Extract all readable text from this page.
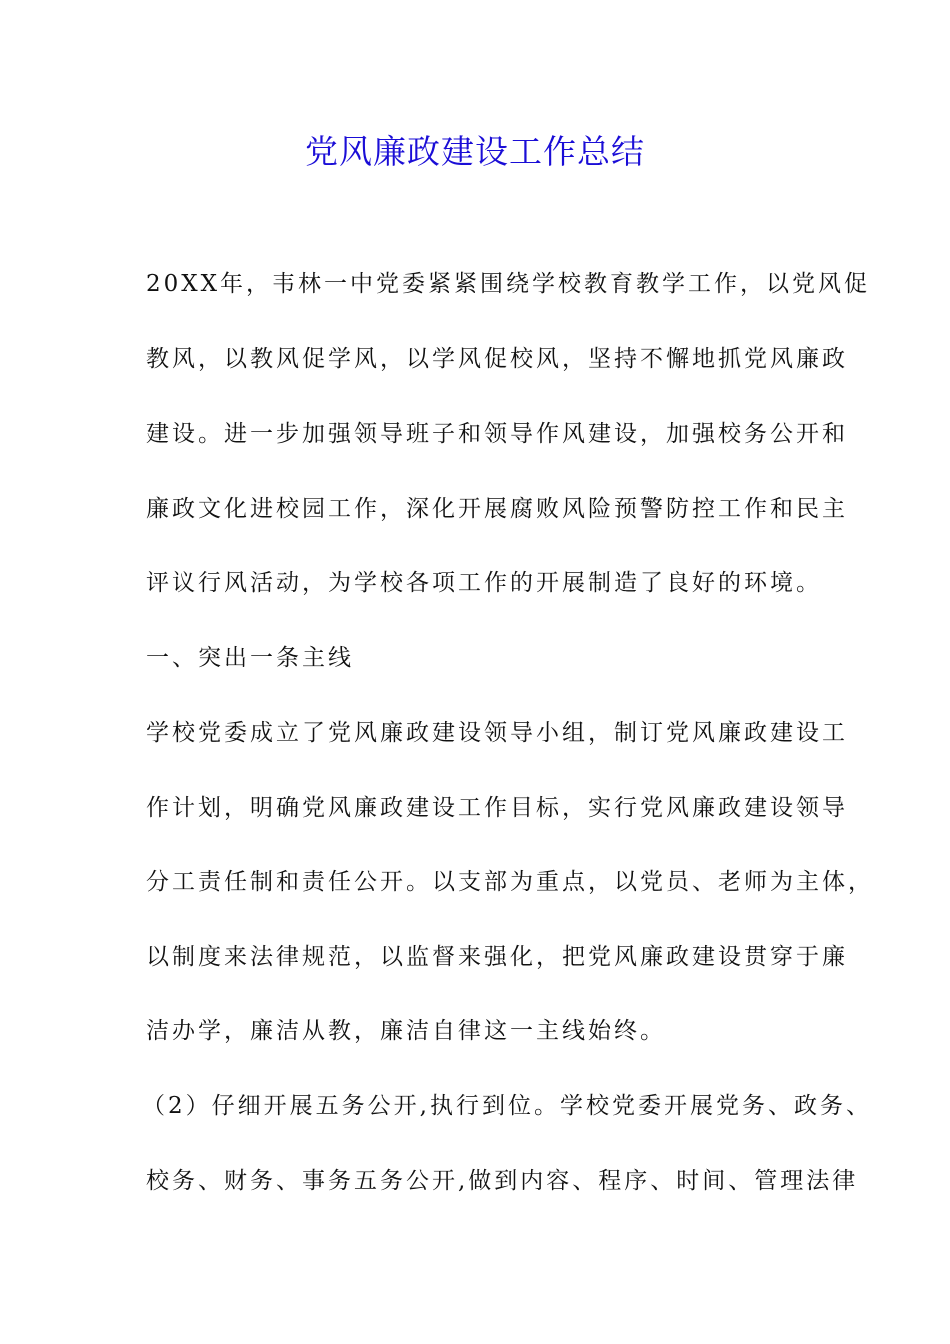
党风廉政建设工作总结

20XX年，韦林一中党委紧紧围绕学校教育教学工作，以党风促

教风，以教风促学风，以学风促校风，坚持不懈地抓党风廉政

建设。进一步加强领导班子和领导作风建设，加强校务公开和

廉政文化进校园工作，深化开展腐败风险预警防控工作和民主

评议行风活动，为学校各项工作的开展制造了良好的环境。

一、突出一条主线

学校党委成立了党风廉政建设领导小组，制订党风廉政建设工

作计划，明确党风廉政建设工作目标，实行党风廉政建设领导

分工责任制和责任公开。以支部为重点，以党员、老师为主体，

以制度来法律规范，以监督来强化，把党风廉政建设贯穿于廉

洁办学，廉洁从教，廉洁自律这一主线始终。

（2）仔细开展五务公开,执行到位。学校党委开展党务、政务、

校务、财务、事务五务公开,做到内容、程序、时间、管理法律
